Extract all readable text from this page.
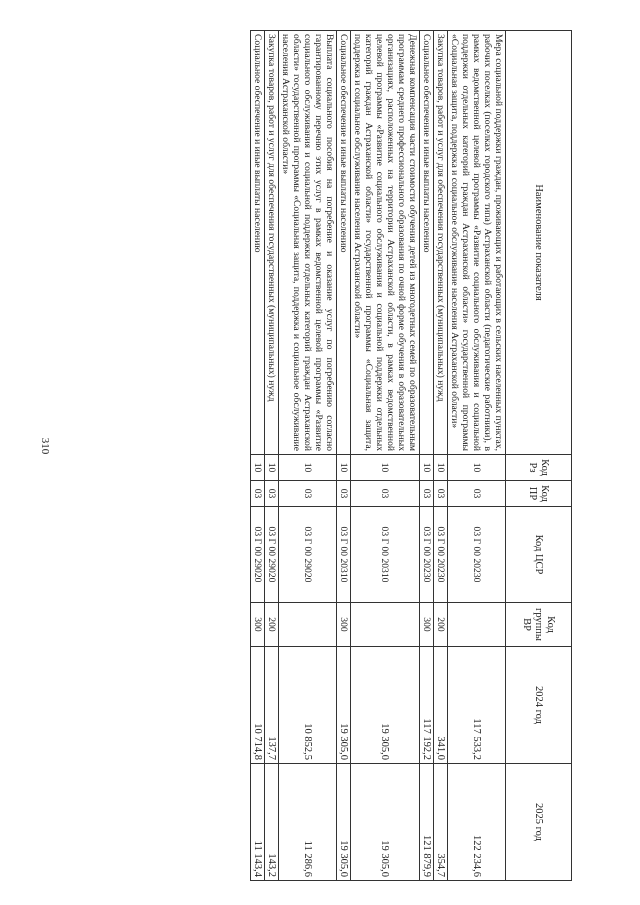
310
Наименование показателя	Код Рз	Код ПР	Код ЦСР	Код группы ВР	2024 год	2025 год
Мера социальной поддержки граждан, проживающих и работающих в сельских населенных пунктах, рабочих поселках (поселках городского типа) Астраханской области (педагогические работники), в рамках ведомственной целевой программы «Развитие социального обслуживания и социальной поддержки отдельных категорий граждан Астраханской области» государственной программы «Социальная защита, поддержка и социальное обслуживание населения Астраханской области»	10	03	03 Г 00 20230		117 533,2	122 234,6
Закупка товаров, работ и услуг для обеспечения государственных (муниципальных) нужд	10	03	03 Г 00 20230	200	341,0	354,7
Социальное обеспечение и иные выплаты населению	10	03	03 Г 00 20230	300	117 192,2	121 879,9
Денежная компенсация части стоимости обучения детей из многодетных семей по образовательным программам среднего профессионального образования по очной форме обучения в образовательных организациях, расположенных на территории Астраханской области, в рамках ведомственной целевой программы «Развитие социального обслуживания и социальной поддержки отдельных категорий граждан Астраханской области» государственной программы «Социальная защита, поддержка и социальное обслуживание населения Астраханской области»	10	03	03 Г 00 20310		19 305,0	19 305,0
Социальное обеспечение и иные выплаты населению	10	03	03 Г 00 20310	300	19 305,0	19 305,0
Выплата социального пособия на погребение и оказание услуг по погребению согласно гарантированному перечню этих услуг в рамках ведомственной целевой программы «Развитие социального обслуживания и социальной поддержки отдельных категорий граждан Астраханской области» государственной программы «Социальная защита, поддержка и социальное обслуживание населения Астраханской области»	10	03	03 Г 00 29020		10 852,5	11 286,6
Закупка товаров, работ и услуг для обеспечения государственных (муниципальных) нужд	10	03	03 Г 00 29020	200	137,7	143,2
Социальное обеспечение и иные выплаты населению	10	03	03 Г 00 29020	300	10 714,8	11 143,4
